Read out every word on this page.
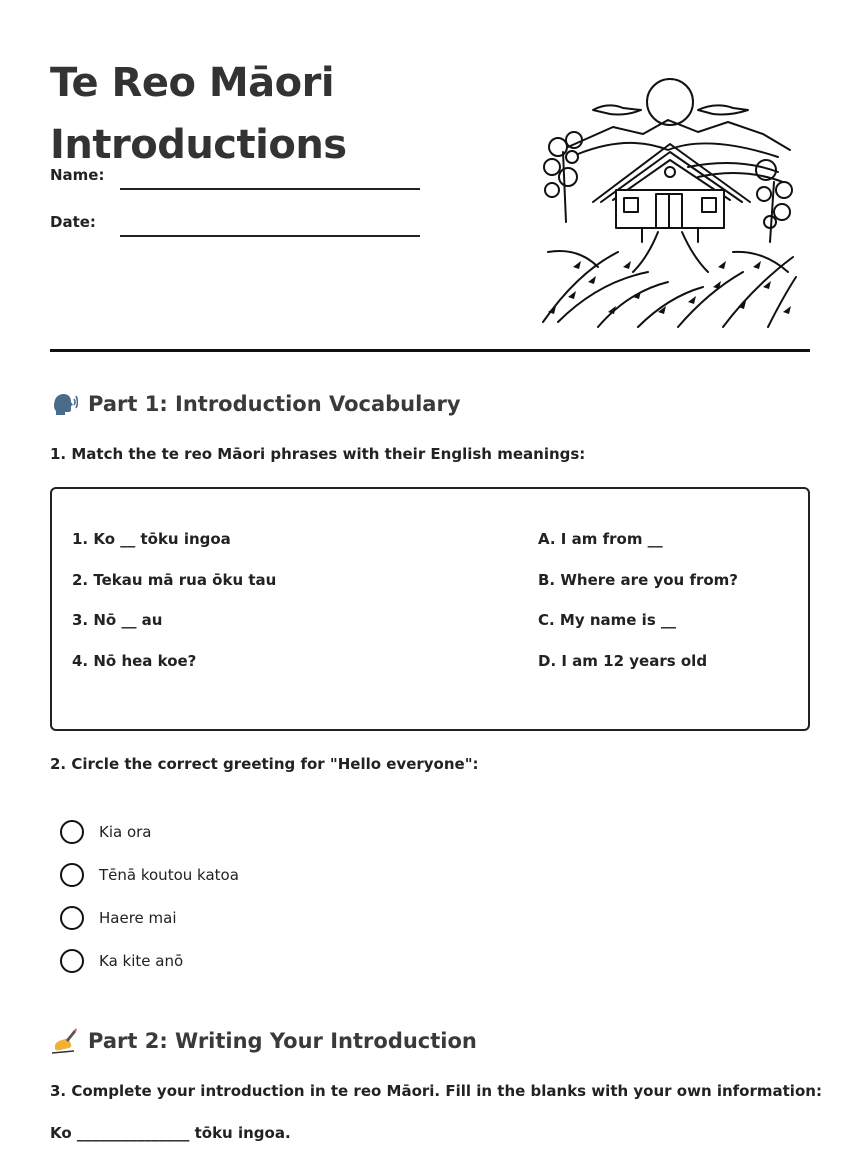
Te Reo Māori
Introductions
Name:
Date:
Part 1: Introduction Vocabulary

1. Match the te reo Māori phrases with their English meanings:

1. Ko __ tōku ingoa
2. Tekau mā rua ōku tau
3. Nō __ au
4. Nō hea koe?
A. I am from __
B. Where are you from?
C. My name is __
D. I am 12 years old

2. Circle the correct greeting for "Hello everyone":

Kia ora
Tēnā koutou katoa
Haere mai
Ka kite anō
Part 2: Writing Your Introduction

3. Complete your introduction in te reo Māori. Fill in the blanks with your own information:

Ko _______________ tōku ingoa.
